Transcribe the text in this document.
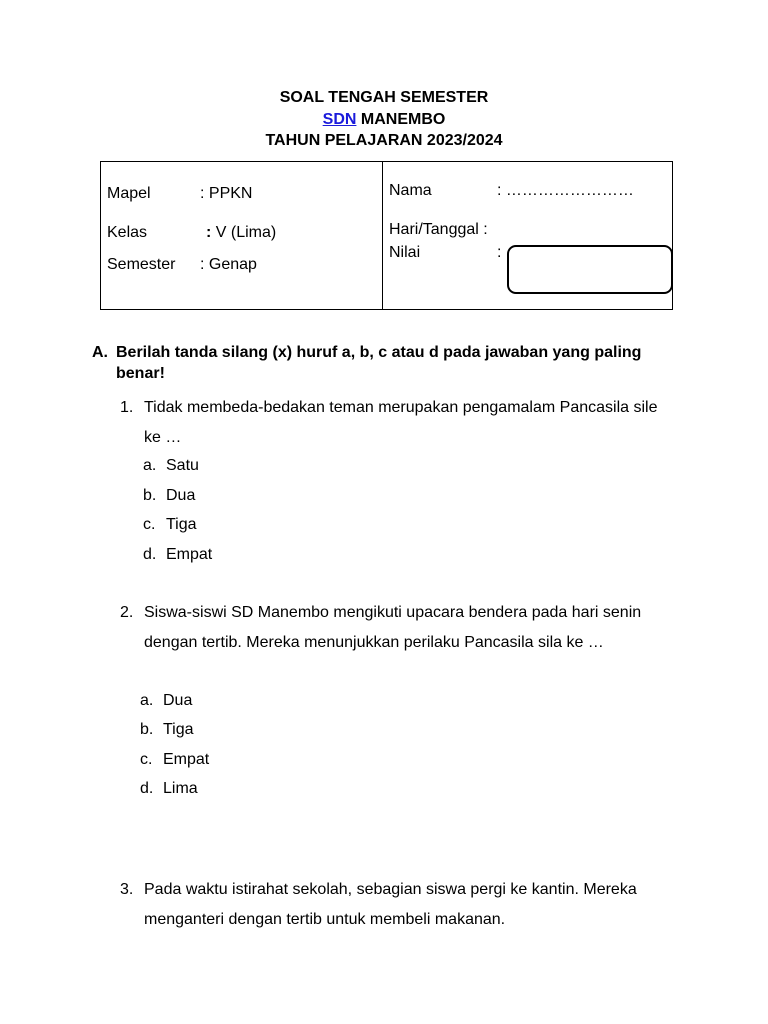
SOAL TENGAH SEMESTER
SDN MANEMBO
TAHUN PELAJARAN 2023/2024
Mapel	: PPKN
Kelas	: V (Lima)
Semester : Genap
Nama	: ……………………
Hari/Tanggal :
Nilai	:
A. Berilah tanda silang (x) huruf a, b, c atau d pada jawaban yang paling benar!
1. Tidak membeda-bedakan teman merupakan pengamalam Pancasila sile ke …
a. Satu
b. Dua
c. Tiga
d. Empat
2. Siswa-siswi SD Manembo mengikuti upacara bendera pada hari senin dengan tertib. Mereka menunjukkan perilaku Pancasila sila ke …
a. Dua
b. Tiga
c. Empat
d. Lima
3. Pada waktu istirahat sekolah, sebagian siswa pergi ke kantin. Mereka menganteri dengan tertib untuk membeli makanan.
